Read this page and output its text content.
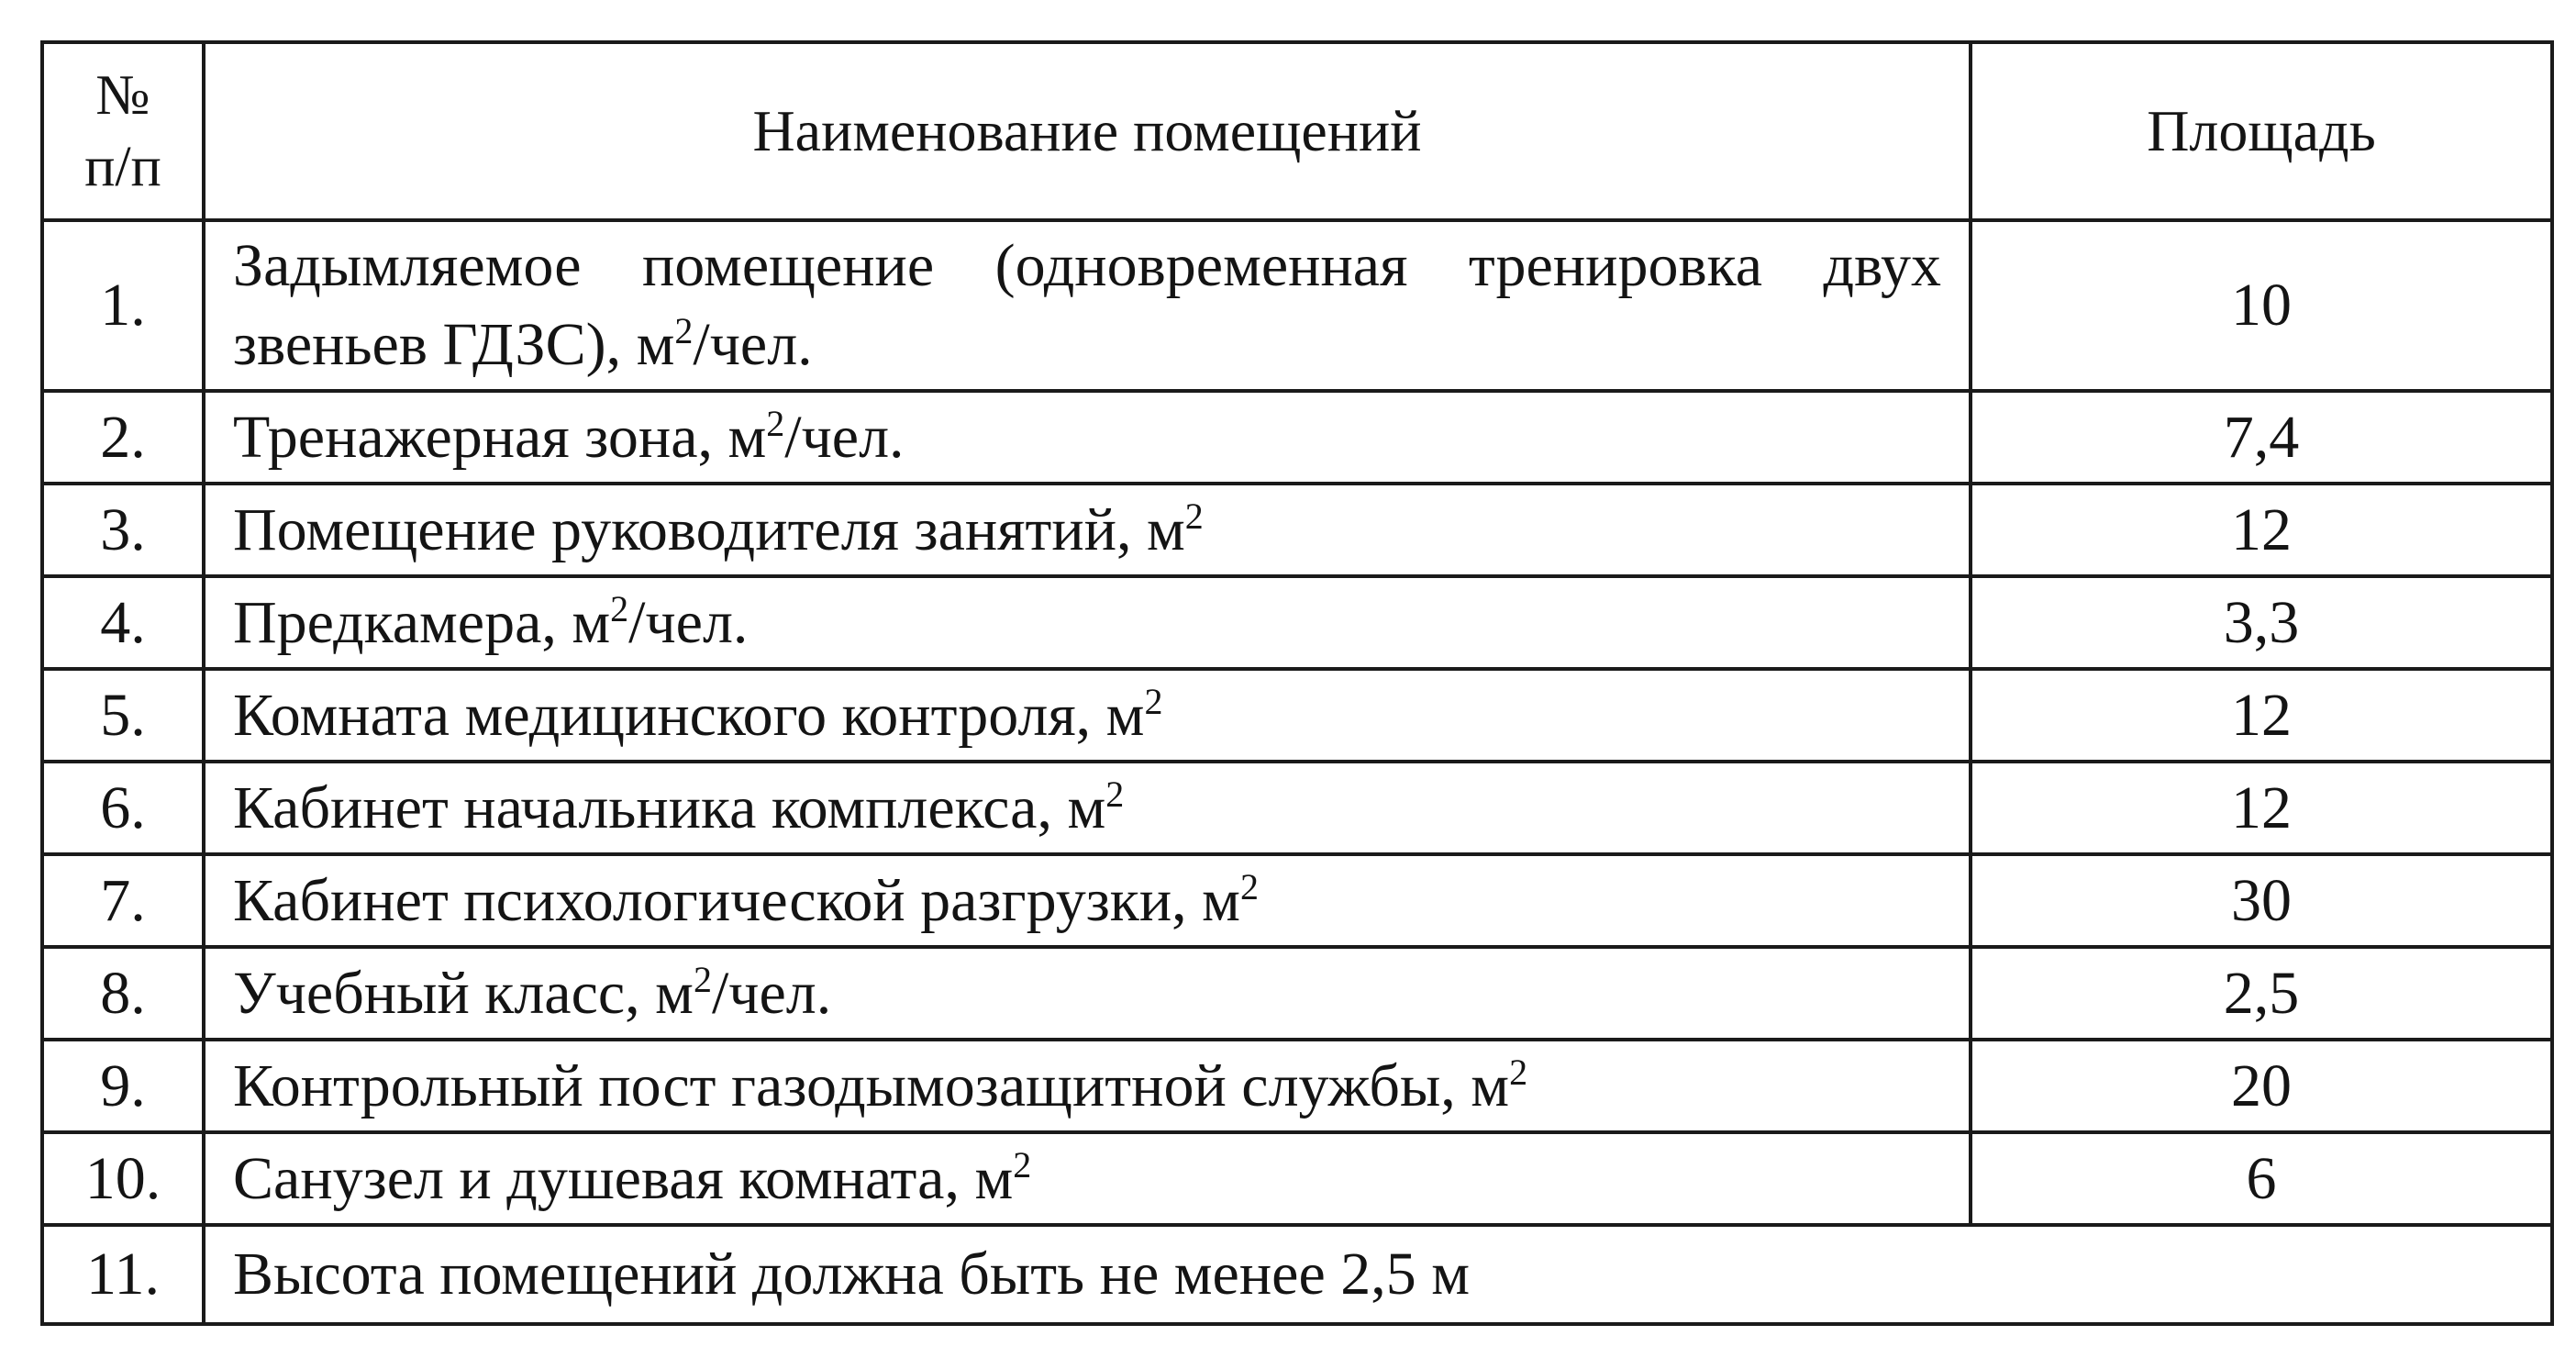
№
п/п	Наименование помещений	Площадь
1.	Задымляемое помещение (одновременная тренировка двух звеньев ГДЗС), $м^2$/чел.	10
2.	Тренажерная зона, $м^2$/чел.	7,4
3.	Помещение руководителя занятий, $м^2$	12
4.	Предкамера, $м^2$/чел.	3,3
5.	Комната медицинского контроля, $м^2$	12
6.	Кабинет начальника комплекса, $м^2$	12
7.	Кабинет психологической разгрузки, $м^2$	30
8.	Учебный класс, $м^2$/чел.	2,5
9.	Контрольный пост газодымозащитной службы, $м^2$	20
10.	Санузел и душевая комната, $м^2$	6
11.	Высота помещений должна быть не менее 2,5 м	
